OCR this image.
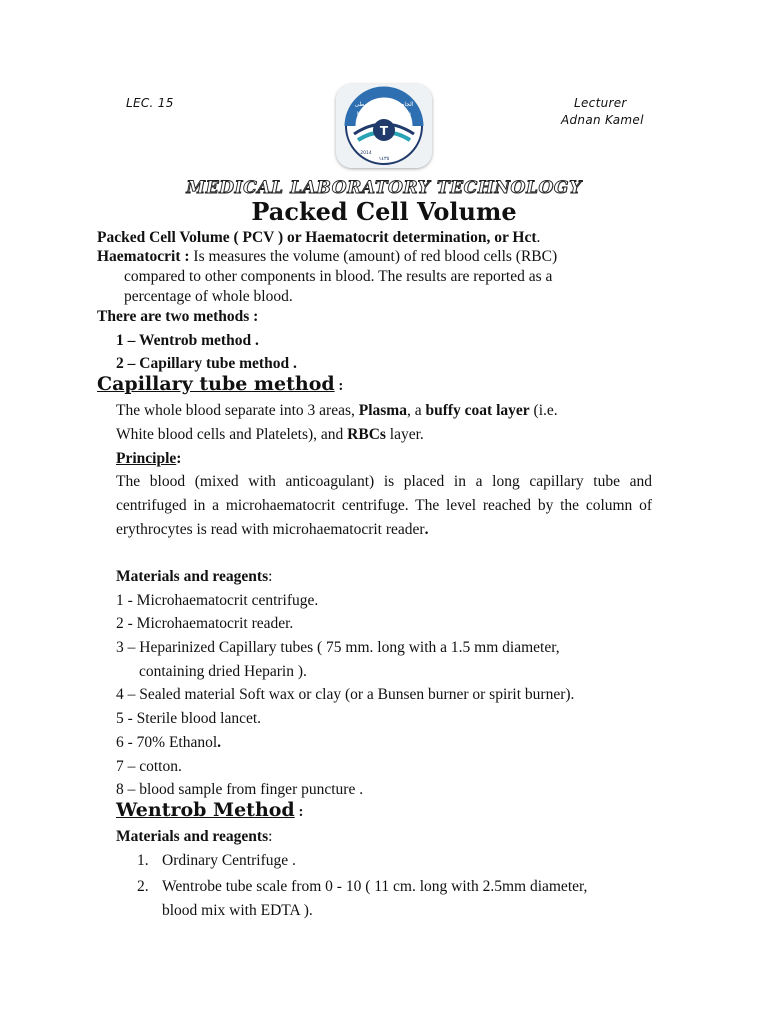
LEC. 15	Lecturer
Adnan Kamel
T
الجامعة التقنية الوسطى
Middle Technical University
2014
١٤٣٥
MEDICAL LABORATORY TECHNOLOGY
Packed Cell Volume
Packed Cell Volume ( PCV ) or Haematocrit determination, or Hct.
Haematocrit : Is measures the volume (amount) of red blood cells (RBC)
compared to other components in blood. The results are reported as a
percentage of whole blood.
There are two methods :
1 – Wentrob method .
2 – Capillary tube method .
Capillary tube method :
The whole blood separate into 3 areas, Plasma, a buffy coat layer (i.e.
White blood cells and Platelets), and RBCs layer.
Principle:
The blood (mixed with anticoagulant) is placed in a long capillary tube and centrifuged in a microhaematocrit centrifuge. The level reached by the column of erythrocytes is read with microhaematocrit reader.
Materials and reagents:
1 - Microhaematocrit centrifuge.
2 - Microhaematocrit reader.
3 – Heparinized Capillary tubes ( 75 mm. long with a 1.5 mm diameter,
containing dried Heparin ).
4 – Sealed material Soft wax or clay (or a Bunsen burner or spirit burner).
5 - Sterile blood lancet.
6 - 70% Ethanol.
7 – cotton.
8 – blood sample from finger puncture .
Wentrob Method :
Materials and reagents:
1. Ordinary Centrifuge .
2. Wentrobe tube scale from 0 - 10 ( 11 cm. long with 2.5mm diameter,
blood mix with EDTA ).
